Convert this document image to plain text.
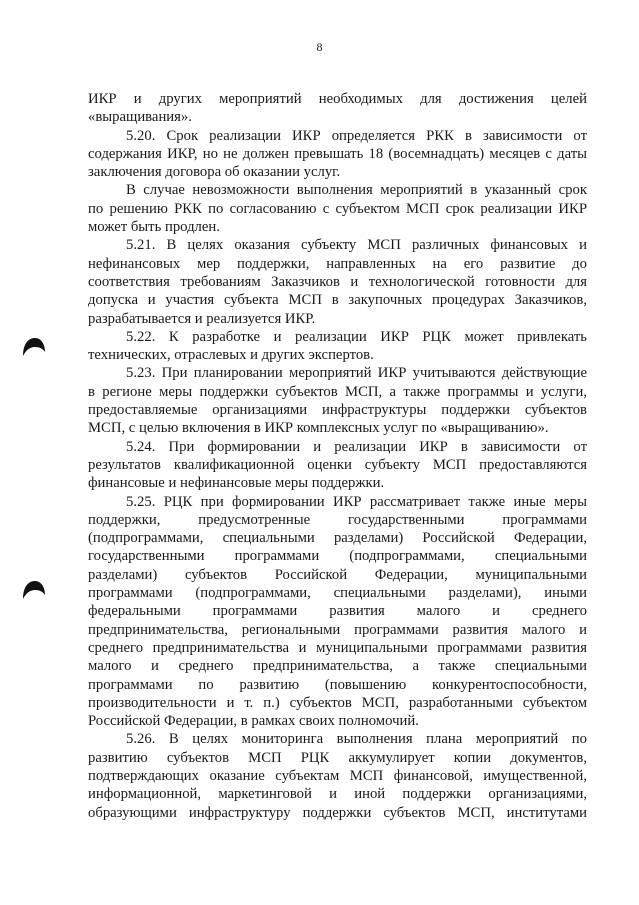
8
ИКР и других мероприятий необходимых для достижения целей
«выращивания».
5.20. Срок реализации ИКР определяется РКК в зависимости от
содержания ИКР, но не должен превышать 18 (восемнадцать) месяцев с даты
заключения договора об оказании услуг.
В случае невозможности выполнения мероприятий в указанный срок
по решению РКК по согласованию с субъектом МСП срок реализации ИКР
может быть продлен.
5.21. В целях оказания субъекту МСП различных финансовых и
нефинансовых мер поддержки, направленных на его развитие до
соответствия требованиям Заказчиков и технологической готовности для
допуска и участия субъекта МСП в закупочных процедурах Заказчиков,
разрабатывается и реализуется ИКР.
5.22. К разработке и реализации ИКР РЦК может привлекать
технических, отраслевых и других экспертов.
5.23. При планировании мероприятий ИКР учитываются действующие
в регионе меры поддержки субъектов МСП, а также программы и услуги,
предоставляемые организациями инфраструктуры поддержки субъектов
МСП, с целью включения в ИКР комплексных услуг по «выращиванию».
5.24. При формировании и реализации ИКР в зависимости от
результатов квалификационной оценки субъекту МСП предоставляются
финансовые и нефинансовые меры поддержки.
5.25. РЦК при формировании ИКР рассматривает также иные меры
поддержки, предусмотренные государственными программами
(подпрограммами, специальными разделами) Российской Федерации,
государственными программами (подпрограммами, специальными
разделами) субъектов Российской Федерации, муниципальными
программами (подпрограммами, специальными разделами), иными
федеральными программами развития малого и среднего
предпринимательства, региональными программами развития малого и
среднего предпринимательства и муниципальными программами развития
малого и среднего предпринимательства, а также специальными
программами по развитию (повышению конкурентоспособности,
производительности и т. п.) субъектов МСП, разработанными субъектом
Российской Федерации, в рамках своих полномочий.
5.26. В целях мониторинга выполнения плана мероприятий по
развитию субъектов МСП РЦК аккумулирует копии документов,
подтверждающих оказание субъектам МСП финансовой, имущественной,
информационной, маркетинговой и иной поддержки организациями,
образующими инфраструктуру поддержки субъектов МСП, институтами
